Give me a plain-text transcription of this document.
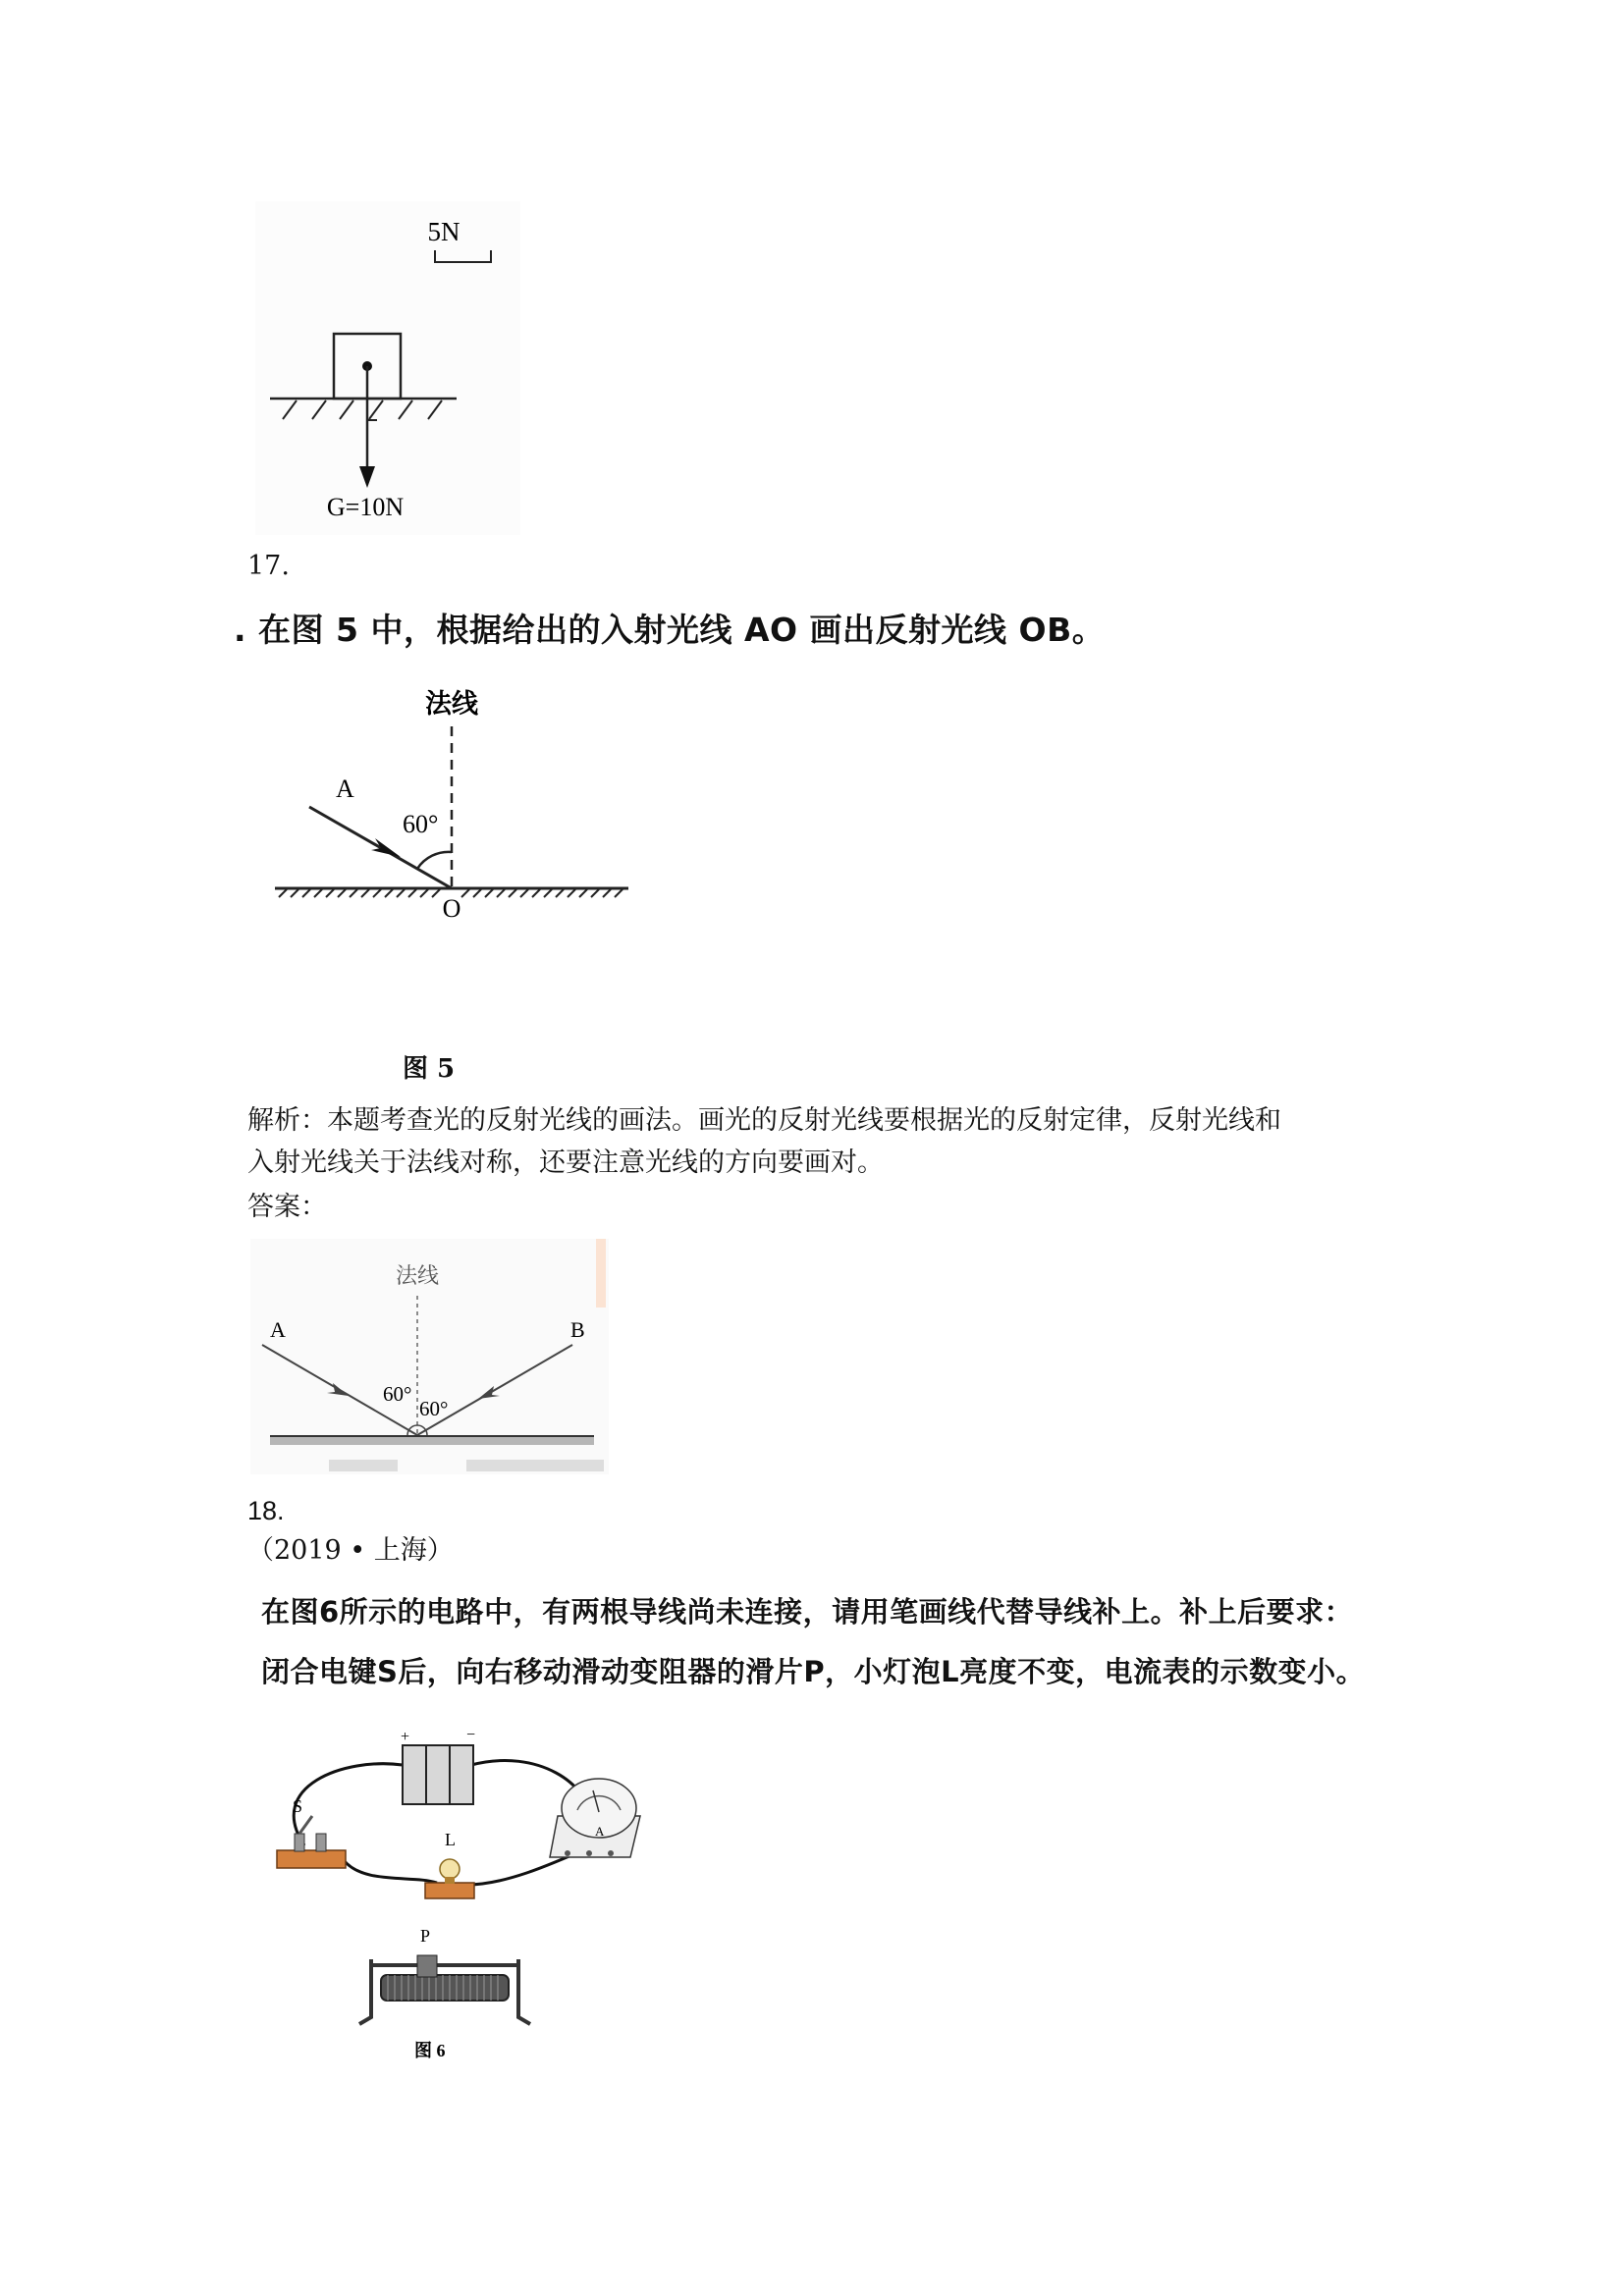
5N
G=10N
17.
. 在图 5 中，根据给出的入射光线 AO 画出反射光线 OB。
法线
A
60°
O
图 5
解析：本题考查光的反射光线的画法。画光的反射光线要根据光的反射定律，反射光线和
入射光线关于法线对称，还要注意光线的方向要画对。
答案：
法线
A	B
60°
60°
18.
（2019 • 上海）
在图6所示的电路中，有两根导线尚未连接，请用笔画线代替导线补上。补上后要求：
闭合电键S后，向右移动滑动变阻器的滑片P，小灯泡L亮度不变，电流表的示数变小。
+	−
S
L	A
P
图 6
